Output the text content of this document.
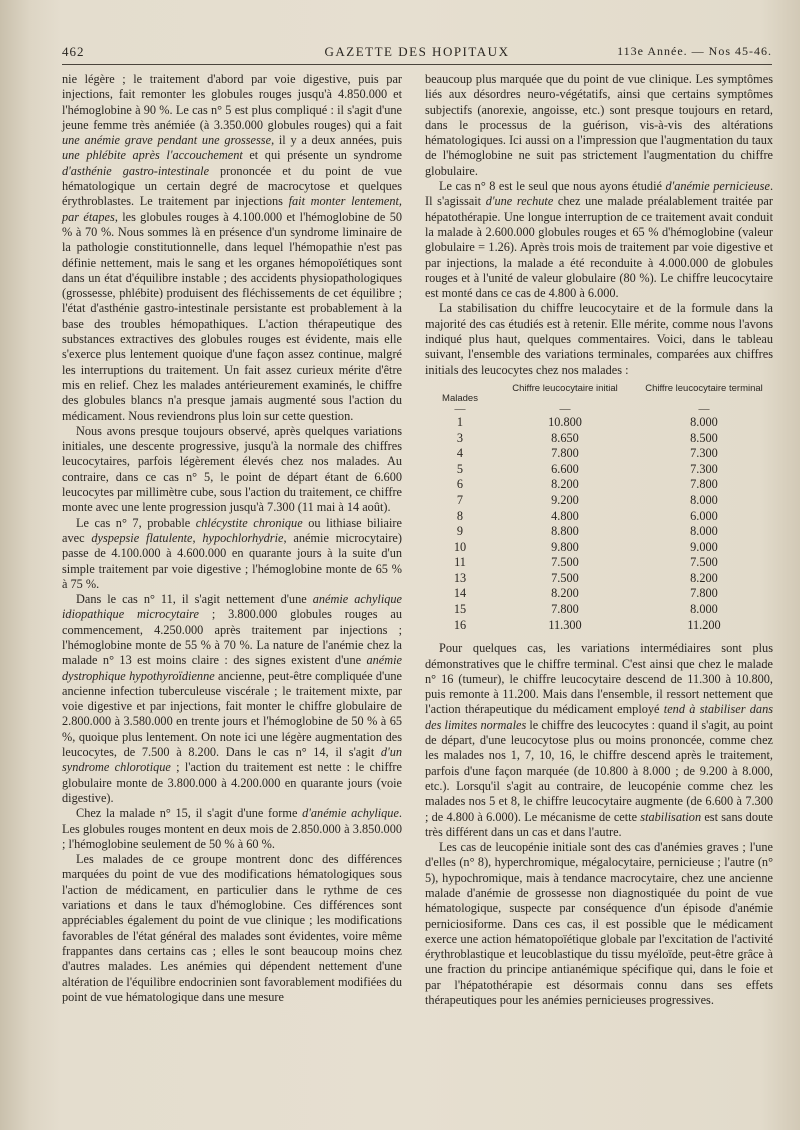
462	GAZETTE DES HOPITAUX	113e Année. — Nos 45-46.

nie légère ; le traitement d'abord par voie digestive, puis par injections, fait remonter les globules rouges jusqu'à 4.850.000 et l'hémoglobine à 90 %. Le cas n° 5 est plus compliqué : il s'agit d'une jeune femme très anémiée (à 3.350.000 globules rouges) qui a fait une anémie grave pendant une grossesse, il y a deux années, puis une phlébite après l'accouchement et qui présente un syndrome d'asthénie gastro-intestinale prononcée et du point de vue hématologique un certain degré de macrocytose et quelques érythroblastes. Le traitement par injections fait monter lentement, par étapes, les globules rouges à 4.100.000 et l'hémoglobine de 50 % à 70 %. Nous sommes là en présence d'un syndrome liminaire de la pathologie constitutionnelle, dans lequel l'hémopathie n'est pas définie nettement, mais le sang et les organes hémopoïétiques sont dans un état d'équilibre instable ; des accidents physiopathologiques (grossesse, phlébite) produisent des fléchissements de cet équilibre ; l'état d'asthénie gastro-intestinale persistante est probablement à la base des troubles hémopathiques. L'action thérapeutique des substances extractives des globules rouges est évidente, mais elle s'exerce plus lentement quoique d'une façon assez continue, malgré les interruptions du traitement. Un fait assez curieux mérite d'être mis en relief. Chez les malades antérieurement examinés, le chiffre des globules blancs n'a presque jamais augmenté sous l'action du médicament. Nous reviendrons plus loin sur cette question.

Nous avons presque toujours observé, après quelques variations initiales, une descente progressive, jusqu'à la normale des chiffres leucocytaires, parfois légèrement élevés chez nos malades. Au contraire, dans ce cas n° 5, le point de départ étant de 6.600 leucocytes par millimètre cube, sous l'action du traitement, ce chiffre monte avec une lente progression jusqu'à 7.300 (11 mai à 14 août).

Le cas n° 7, probable chlécystite chronique ou lithiase biliaire avec dyspepsie flatulente, hypochlorhydrie, anémie microcytaire) passe de 4.100.000 à 4.600.000 en quarante jours à la suite d'un simple traitement par voie digestive ; l'hémoglobine monte de 65 % à 75 %.

Dans le cas n° 11, il s'agit nettement d'une anémie achylique idiopathique microcytaire ; 3.800.000 globules rouges au commencement, 4.250.000 après traitement par injections ; l'hémoglobine monte de 55 % à 70 %. La nature de l'anémie chez la malade n° 13 est moins claire : des signes existent d'une anémie dystrophique hypothyroïdienne ancienne, peut-être compliquée d'une ancienne infection tuberculeuse viscérale ; le traitement mixte, par voie digestive et par injections, fait monter le chiffre globulaire de 2.800.000 à 3.580.000 en trente jours et l'hémoglobine de 50 % à 65 %, quoique plus lentement. On note ici une légère augmentation des leucocytes, de 7.500 à 8.200. Dans le cas n° 14, il s'agit d'un syndrome chlorotique ; l'action du traitement est nette : le chiffre globulaire monte de 3.800.000 à 4.200.000 en quarante jours (voie digestive).

Chez la malade n° 15, il s'agit d'une forme d'anémie achylique. Les globules rouges montent en deux mois de 2.850.000 à 3.850.000 ; l'hémoglobine seulement de 50 % à 60 %.

Les malades de ce groupe montrent donc des différences marquées du point de vue des modifications hématologiques sous l'action de médicament, en particulier dans le rythme de ces variations et dans le taux d'hémoglobine. Ces différences sont appréciables également du point de vue clinique ; les modifications favorables de l'état général des malades sont évidentes, voire même frappantes dans certains cas ; elles le sont beaucoup moins chez d'autres malades. Les anémies qui dépendent nettement d'une altération de l'équilibre endocrinien sont favorablement modifiées du point de vue hématologique dans une mesure

beaucoup plus marquée que du point de vue clinique. Les symptômes liés aux désordres neuro-végétatifs, ainsi que certains symptômes subjectifs (anorexie, angoisse, etc.) sont presque toujours en retard, dans le processus de la guérison, vis-à-vis des altérations hématologiques. Ici aussi on a l'impression que l'augmentation du taux de l'hémoglobine ne suit pas strictement l'augmentation du chiffre globulaire.

Le cas n° 8 est le seul que nous ayons étudié d'anémie pernicieuse. Il s'agissait d'une rechute chez une malade préalablement traitée par hépatothérapie. Une longue interruption de ce traitement avait conduit la malade à 2.600.000 globules rouges et 65 % d'hémoglobine (valeur globulaire = 1.26). Après trois mois de traitement par voie digestive et par injections, la malade a été reconduite à 4.000.000 de globules rouges et à l'unité de valeur globulaire (80 %). Le chiffre leucocytaire est monté dans ce cas de 4.800 à 6.000.

La stabilisation du chiffre leucocytaire et de la formule dans la majorité des cas étudiés est à retenir. Elle mérite, comme nous l'avons indiqué plus haut, quelques commentaires. Voici, dans le tableau suivant, l'ensemble des variations terminales, comparées aux chiffres initials des leucocytes chez nos malades :

Malades
Chiffre leucocytaire initial	Chiffre leucocytaire terminal
—	—	—
1	10.800	8.000
3	8.650	8.500
4	7.800	7.300
5	6.600	7.300
6	8.200	7.800
7	9.200	8.000
8	4.800	6.000
9	8.800	8.000
10	9.800	9.000
11	7.500	7.500
13	7.500	8.200
14	8.200	7.800
15	7.800	8.000
16	11.300	11.200

Pour quelques cas, les variations intermédiaires sont plus démonstratives que le chiffre terminal. C'est ainsi que chez le malade n° 16 (tumeur), le chiffre leucocytaire descend de 11.300 à 10.800, puis remonte à 11.200. Mais dans l'ensemble, il ressort nettement que l'action thérapeutique du médicament employé tend à stabiliser dans des limites normales le chiffre des leucocytes : quand il s'agit, au point de départ, d'une leucocytose plus ou moins prononcée, comme chez les malades nos 1, 7, 10, 16, le chiffre descend après le traitement, parfois d'une façon marquée (de 10.800 à 8.000 ; de 9.200 à 8.000, etc.). Lorsqu'il s'agit au contraire, de leucopénie comme chez les malades nos 5 et 8, le chiffre leucocytaire augmente (de 6.600 à 7.300 ; de 4.800 à 6.000). Le mécanisme de cette stabilisation est sans doute très différent dans un cas et dans l'autre.

Les cas de leucopénie initiale sont des cas d'anémies graves ; l'une d'elles (n° 8), hyperchromique, mégalocytaire, pernicieuse ; l'autre (n° 5), hypochromique, mais à tendance macrocytaire, chez une ancienne malade d'anémie de grossesse non diagnostiquée du point de vue hématologique, suspecte par conséquence d'un épisode d'anémie perniciosiforme. Dans ces cas, il est possible que le médicament exerce une action hématopoïétique globale par l'excitation de l'activité érythroblastique et leucoblastique du tissu myéloïde, peut-être grâce à une fraction du principe antianémique spécifique qui, dans le foie et par l'hépatothérapie est désormais connu dans ses effets thérapeutiques pour les anémies pernicieuses progressives.
